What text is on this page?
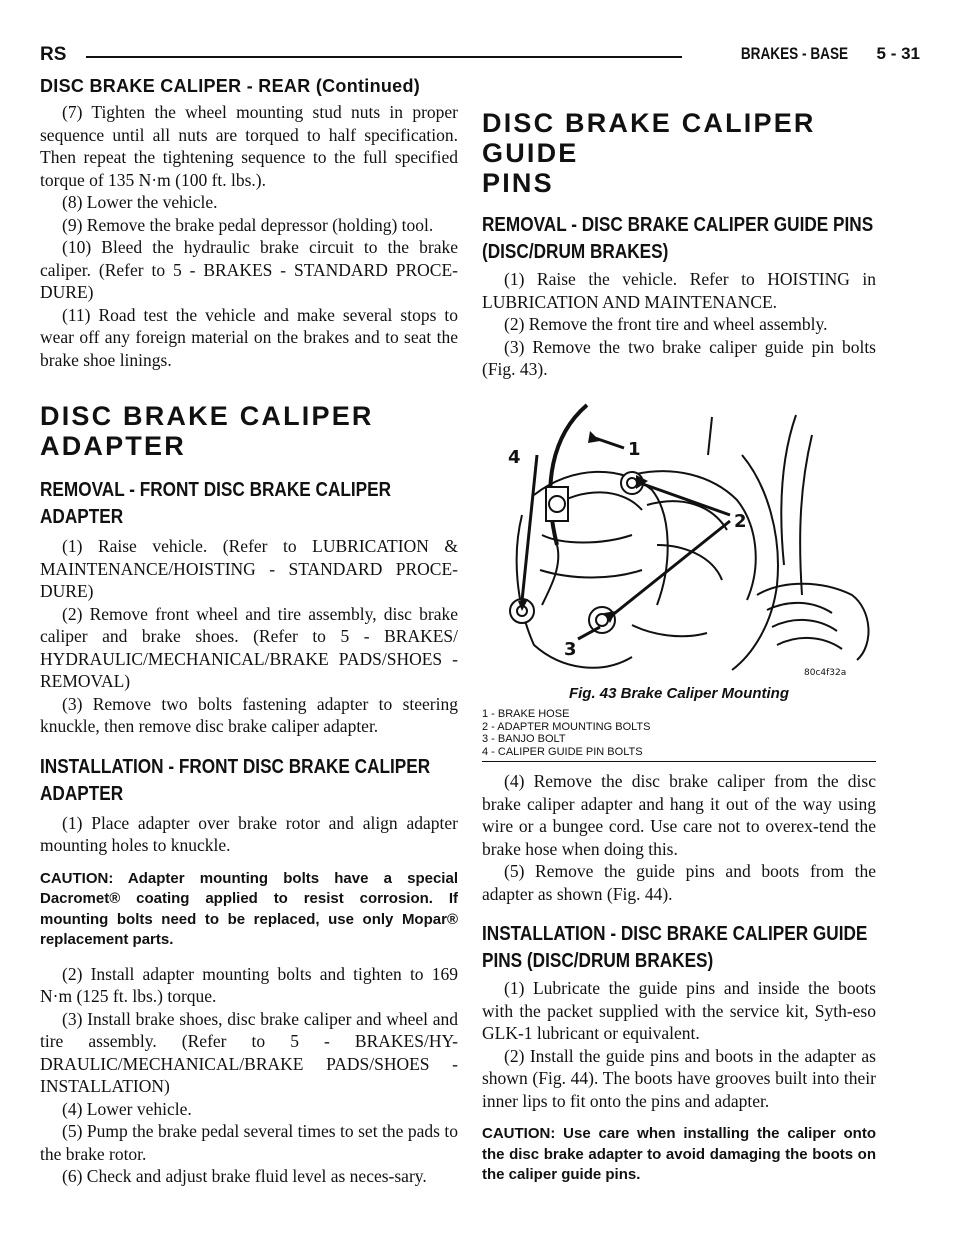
RS	BRAKES - BASE 5 - 31
DISC BRAKE CALIPER - REAR (Continued)

(7) Tighten the wheel mounting stud nuts in proper sequence until all nuts are torqued to half specification. Then repeat the tightening sequence to the full specified torque of 135 N·m (100 ft. lbs.).

(8) Lower the vehicle.

(9) Remove the brake pedal depressor (holding) tool.

(10) Bleed the hydraulic brake circuit to the brake caliper. (Refer to 5 - BRAKES - STANDARD PROCE-DURE)

(11) Road test the vehicle and make several stops to wear off any foreign material on the brakes and to seat the brake shoe linings.

DISC BRAKE CALIPER
ADAPTER
REMOVAL - FRONT DISC BRAKE CALIPER
ADAPTER

(1) Raise vehicle. (Refer to LUBRICATION & MAINTENANCE/HOISTING - STANDARD PROCE-DURE)

(2) Remove front wheel and tire assembly, disc brake caliper and brake shoes. (Refer to 5 - BRAKES/ HYDRAULIC/MECHANICAL/BRAKE PADS/SHOES - REMOVAL)

(3) Remove two bolts fastening adapter to steering knuckle, then remove disc brake caliper adapter.

INSTALLATION - FRONT DISC BRAKE CALIPER
ADAPTER

(1) Place adapter over brake rotor and align adapter mounting holes to knuckle.

CAUTION: Adapter mounting bolts have a special Dacromet® coating applied to resist corrosion. If mounting bolts need to be replaced, use only Mopar® replacement parts.

(2) Install adapter mounting bolts and tighten to 169 N·m (125 ft. lbs.) torque.

(3) Install brake shoes, disc brake caliper and wheel and tire assembly. (Refer to 5 - BRAKES/HY-DRAULIC/MECHANICAL/BRAKE PADS/SHOES - INSTALLATION)

(4) Lower vehicle.

(5) Pump the brake pedal several times to set the pads to the brake rotor.

(6) Check and adjust brake fluid level as neces-sary.

DISC BRAKE CALIPER GUIDE
PINS
REMOVAL - DISC BRAKE CALIPER GUIDE PINS
(DISC/DRUM BRAKES)

(1) Raise the vehicle. Refer to HOISTING in LUBRICATION AND MAINTENANCE.

(2) Remove the front tire and wheel assembly.

(3) Remove the two brake caliper guide pin bolts (Fig. 43).

1
2
3
4
80c4f32a
Fig. 43 Brake Caliper Mounting
1 - BRAKE HOSE
2 - ADAPTER MOUNTING BOLTS
3 - BANJO BOLT
4 - CALIPER GUIDE PIN BOLTS

(4) Remove the disc brake caliper from the disc brake caliper adapter and hang it out of the way using wire or a bungee cord. Use care not to overex-tend the brake hose when doing this.

(5) Remove the guide pins and boots from the adapter as shown (Fig. 44).

INSTALLATION - DISC BRAKE CALIPER GUIDE
PINS (DISC/DRUM BRAKES)

(1) Lubricate the guide pins and inside the boots with the packet supplied with the service kit, Syth-eso GLK-1 lubricant or equivalent.

(2) Install the guide pins and boots in the adapter as shown (Fig. 44). The boots have grooves built into their inner lips to fit onto the pins and adapter.

CAUTION: Use care when installing the caliper onto the disc brake adapter to avoid damaging the boots on the caliper guide pins.
